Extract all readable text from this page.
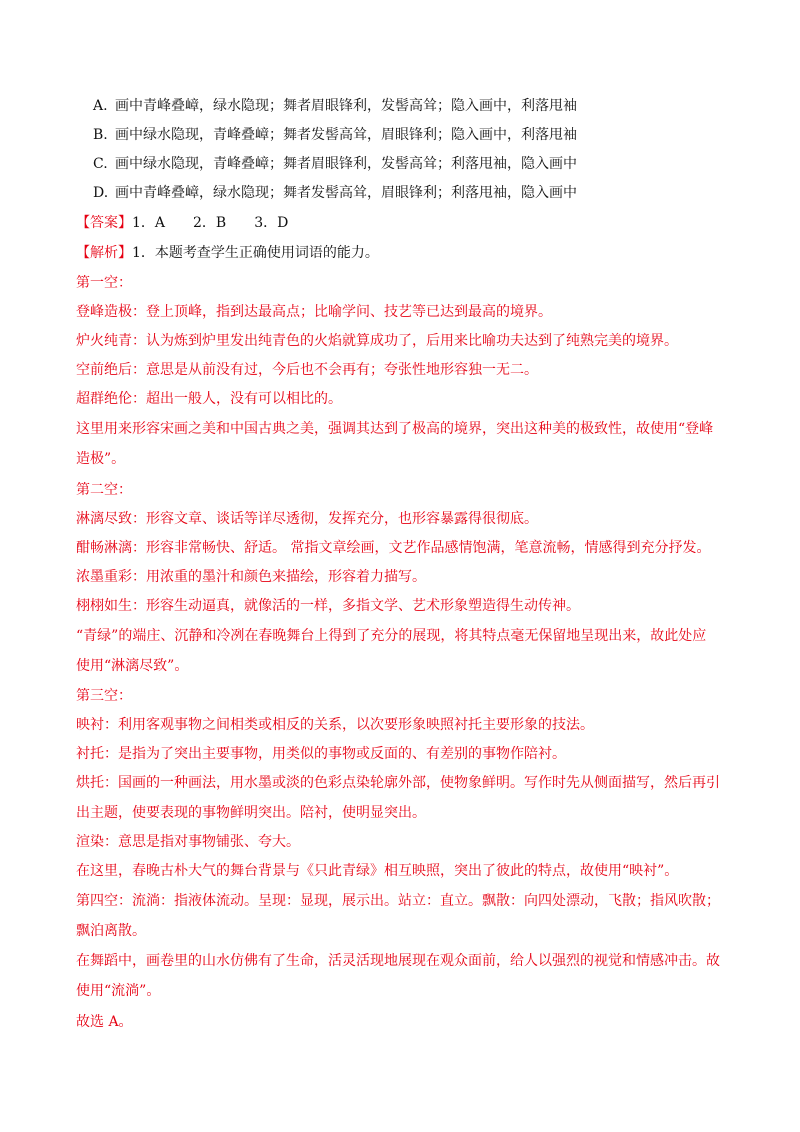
A. 画中青峰叠嶂，绿水隐现；舞者眉眼锋利，发髻高耸；隐入画中，利落甩袖
B. 画中绿水隐现，青峰叠嶂；舞者发髻高耸，眉眼锋利；隐入画中，利落甩袖
C. 画中绿水隐现，青峰叠嶂；舞者眉眼锋利，发髻高耸；利落甩袖，隐入画中
D. 画中青峰叠嶂，绿水隐现；舞者发髻高耸，眉眼锋利；利落甩袖，隐入画中
【答案】1．A　　2．B　　3．D
【解析】1．本题考查学生正确使用词语的能力。
第一空：
登峰造极：登上顶峰，指到达最高点；比喻学问、技艺等已达到最高的境界。
炉火纯青：认为炼到炉里发出纯青色的火焰就算成功了，后用来比喻功夫达到了纯熟完美的境界。
空前绝后：意思是从前没有过，今后也不会再有；夸张性地形容独一无二。
超群绝伦：超出一般人，没有可以相比的。
这里用来形容宋画之美和中国古典之美，强调其达到了极高的境界，突出这种美的极致性，故使用“登峰
造极”。
第二空：
淋漓尽致：形容文章、谈话等详尽透彻，发挥充分，也形容暴露得很彻底。
酣畅淋漓：形容非常畅快、舒适。 常指文章绘画，文艺作品感情饱满，笔意流畅，情感得到充分抒发。
浓墨重彩：用浓重的墨汁和颜色来描绘，形容着力描写。
栩栩如生：形容生动逼真，就像活的一样，多指文学、艺术形象塑造得生动传神。
“青绿”的端庄、沉静和冷冽在春晚舞台上得到了充分的展现，将其特点毫无保留地呈现出来，故此处应
使用“淋漓尽致”。
第三空：
映衬：利用客观事物之间相类或相反的关系，以次要形象映照衬托主要形象的技法。
衬托：是指为了突出主要事物，用类似的事物或反面的、有差别的事物作陪衬。
烘托：国画的一种画法，用水墨或淡的色彩点染轮廓外部，使物象鲜明。写作时先从侧面描写，然后再引
出主题，使要表现的事物鲜明突出。陪衬，使明显突出。
渲染：意思是指对事物铺张、夸大。
在这里，春晚古朴大气的舞台背景与《只此青绿》相互映照，突出了彼此的特点，故使用“映衬”。
第四空：流淌：指液体流动。呈现：显现，展示出。站立：直立。飘散：向四处漂动，飞散；指风吹散；
飘泊离散。
在舞蹈中，画卷里的山水仿佛有了生命，活灵活现地展现在观众面前，给人以强烈的视觉和情感冲击。故
使用“流淌”。
故选 A。
